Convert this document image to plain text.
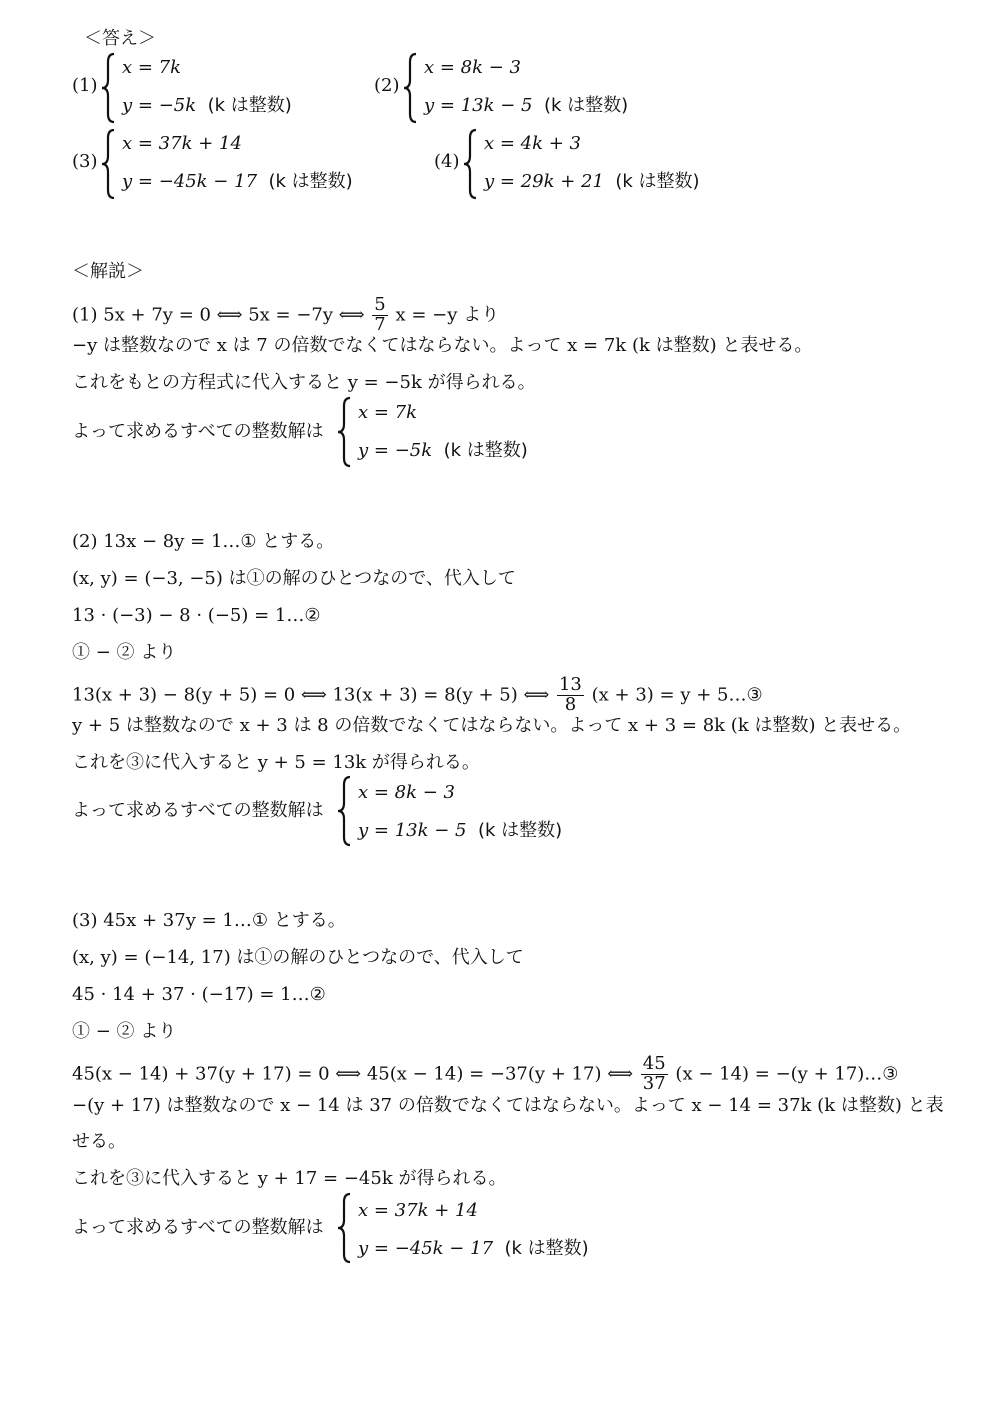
＜答え＞
(1)
x = 7k
y = −5k (k は整数)
(2)
x = 8k − 3
y = 13k − 5 (k は整数)
(3)
x = 37k + 14
y = −45k − 17 (k は整数)
(4)
x = 4k + 3
y = 29k + 21 (k は整数)
＜解説＞
(1) 5x + 7y = 0 ⟺ 5x = −7y ⟺ $\frac{5}{7}$ x = −y より
−y は整数なので x は 7 の倍数でなくてはならない。よって x = 7k (k は整数) と表せる。
これをもとの方程式に代入すると y = −5k が得られる。
よって求めるすべての整数解は
x = 7k
y = −5k (k は整数)
(2) 13x − 8y = 1…① とする。
(x, y) = (−3, −5) は①の解のひとつなので、代入して
13 · (−3) − 8 · (−5) = 1…②
① − ② より
13(x + 3) − 8(y + 5) = 0 ⟺ 13(x + 3) = 8(y + 5) ⟺ $\frac{13}{8} (x + 3) = y$ + 5…③
y + 5 は整数なので x + 3 は 8 の倍数でなくてはならない。よって x + 3 = 8k (k は整数) と表せる。
これを③に代入すると y + 5 = 13k が得られる。
よって求めるすべての整数解は
x = 8k − 3
y = 13k − 5 (k は整数)
(3) 45x + 37y = 1…① とする。
(x, y) = (−14, 17) は①の解のひとつなので、代入して
45 · 14 + 37 · (−17) = 1…②
① − ② より
45(x − 14) + 37(y + 17) = 0 ⟺ 45(x − 14) = −37(y + 17) ⟺ $\frac{45}{37} (x - 14) = -(y$ + 17)…③
−(y + 17) は整数なので x − 14 は 37 の倍数でなくてはならない。よって x − 14 = 37k (k は整数) と表
せる。
これを③に代入すると y + 17 = −45k が得られる。
よって求めるすべての整数解は
x = 37k + 14
y = −45k − 17 (k は整数)
